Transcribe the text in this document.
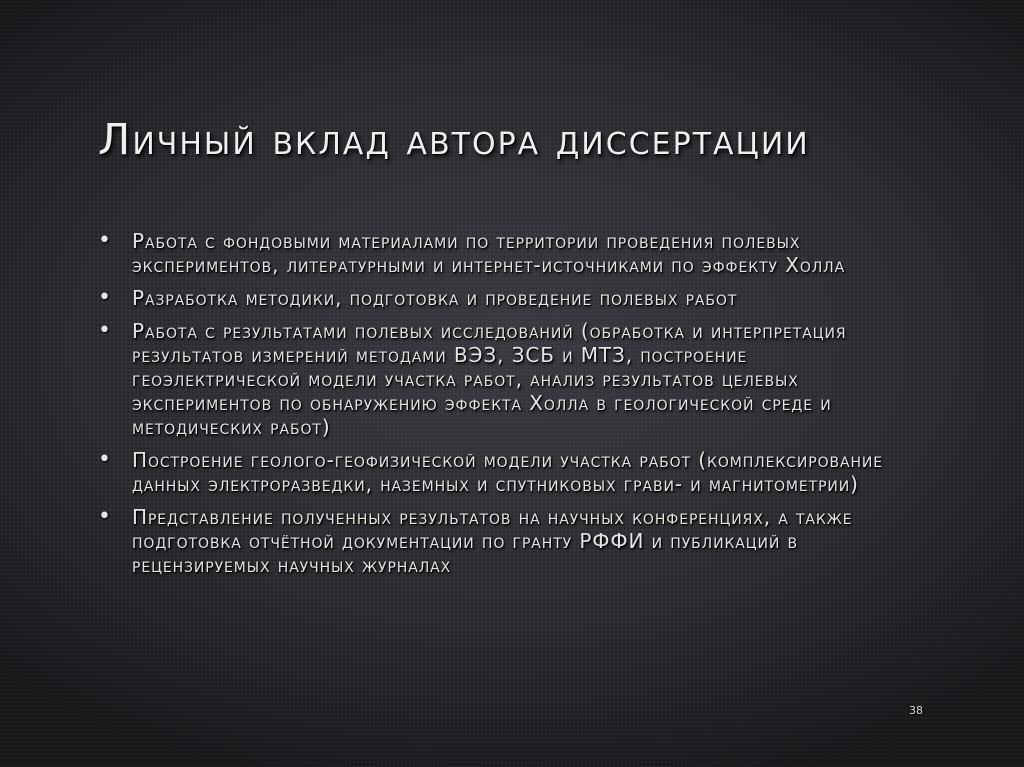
Личный вклад автора диссертации
• Работа с фондовыми материалами по территории проведения полевых экспериментов, литературными и интернет-источниками по эффекту Холла
• Разработка методики, подготовка и проведение полевых работ
• Работа с результатами полевых исследований (обработка и интерпретация результатов измерений методами ВЭЗ, ЗСБ и МТЗ, построение геоэлектрической модели участка работ, анализ результатов целевых экспериментов по обнаружению эффекта Холла в геологической среде и методических работ)
• Построение геолого-геофизической модели участка работ (комплексирование данных электроразведки, наземных и спутниковых грави- и магнитометрии)
• Представление полученных результатов на научных конференциях, а также подготовка отчётной документации по гранту РФФИ и публикаций в рецензируемых научных журналах
38
